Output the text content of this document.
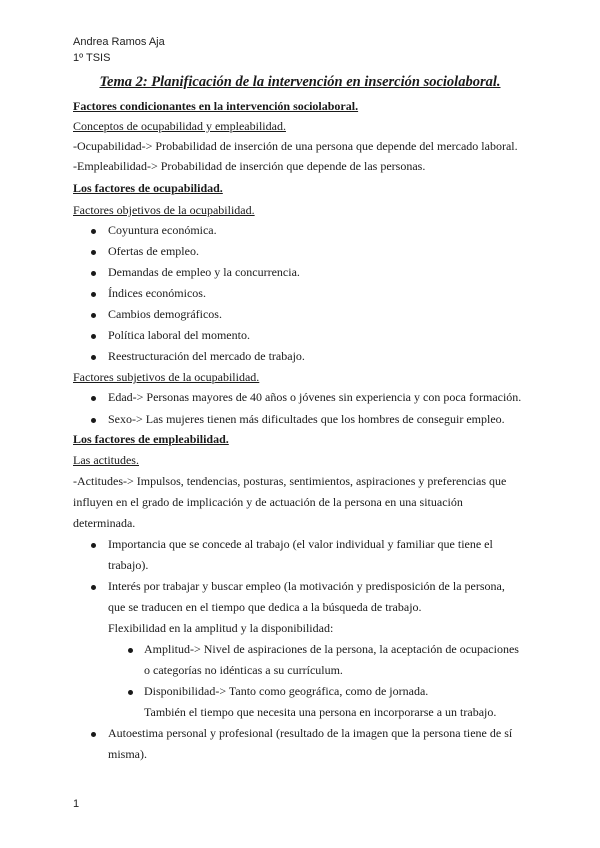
Andrea Ramos Aja
1º TSIS
Tema 2: Planificación de la intervención en inserción sociolaboral.
Factores condicionantes en la intervención sociolaboral.
Conceptos de ocupabilidad y empleabilidad.
-Ocupabilidad-> Probabilidad de inserción de una persona que depende del mercado laboral.
-Empleabilidad-> Probabilidad de inserción que depende de las personas.
Los factores de ocupabilidad.
Factores objetivos de la ocupabilidad.
Coyuntura económica.
Ofertas de empleo.
Demandas de empleo y la concurrencia.
Índices económicos.
Cambios demográficos.
Política laboral del momento.
Reestructuración del mercado de trabajo.
Factores subjetivos de la ocupabilidad.
Edad-> Personas mayores de 40 años o jóvenes sin experiencia y con poca formación.
Sexo-> Las mujeres tienen más dificultades que los hombres de conseguir empleo.
Los factores de empleabilidad.
Las actitudes.
-Actitudes-> Impulsos, tendencias, posturas, sentimientos, aspiraciones y preferencias que
influyen en el grado de implicación y de actuación de la persona en una situación
determinada.
Importancia que se concede al trabajo (el valor individual y familiar que tiene el
trabajo).
Interés por trabajar y buscar empleo (la motivación y predisposición de la persona,
que se traducen en el tiempo que dedica a la búsqueda de trabajo.
Flexibilidad en la amplitud y la disponibilidad:
Amplitud-> Nivel de aspiraciones de la persona, la aceptación de ocupaciones
o categorías no idénticas a su currículum.
Disponibilidad-> Tanto como geográfica, como de jornada.
También el tiempo que necesita una persona en incorporarse a un trabajo.
Autoestima personal y profesional (resultado de la imagen que la persona tiene de sí
misma).
1
